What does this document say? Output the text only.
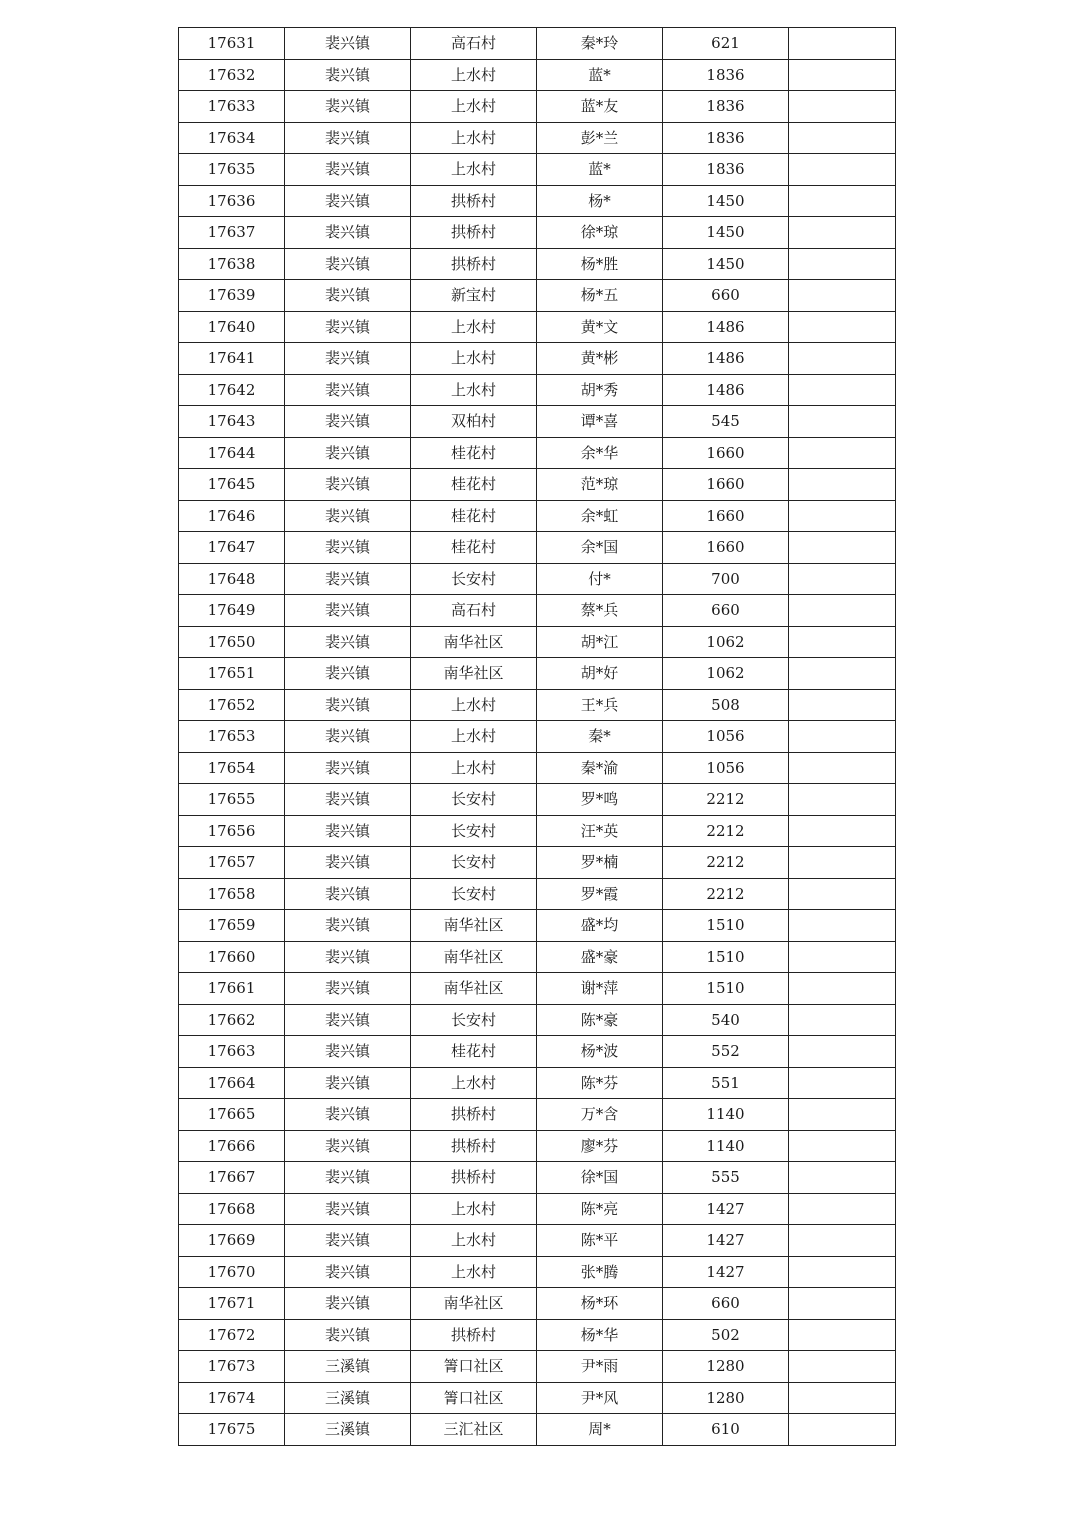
17631	裴兴镇	高石村	秦*玲	621	
17632	裴兴镇	上水村	蓝*	1836	
17633	裴兴镇	上水村	蓝*友	1836	
17634	裴兴镇	上水村	彭*兰	1836	
17635	裴兴镇	上水村	蓝*	1836	
17636	裴兴镇	拱桥村	杨*	1450	
17637	裴兴镇	拱桥村	徐*琼	1450	
17638	裴兴镇	拱桥村	杨*胜	1450	
17639	裴兴镇	新宝村	杨*五	660	
17640	裴兴镇	上水村	黄*文	1486	
17641	裴兴镇	上水村	黄*彬	1486	
17642	裴兴镇	上水村	胡*秀	1486	
17643	裴兴镇	双柏村	谭*喜	545	
17644	裴兴镇	桂花村	余*华	1660	
17645	裴兴镇	桂花村	范*琼	1660	
17646	裴兴镇	桂花村	余*虹	1660	
17647	裴兴镇	桂花村	余*国	1660	
17648	裴兴镇	长安村	付*	700	
17649	裴兴镇	高石村	蔡*兵	660	
17650	裴兴镇	南华社区	胡*江	1062	
17651	裴兴镇	南华社区	胡*好	1062	
17652	裴兴镇	上水村	王*兵	508	
17653	裴兴镇	上水村	秦*	1056	
17654	裴兴镇	上水村	秦*渝	1056	
17655	裴兴镇	长安村	罗*鸣	2212	
17656	裴兴镇	长安村	汪*英	2212	
17657	裴兴镇	长安村	罗*楠	2212	
17658	裴兴镇	长安村	罗*霞	2212	
17659	裴兴镇	南华社区	盛*均	1510	
17660	裴兴镇	南华社区	盛*豪	1510	
17661	裴兴镇	南华社区	谢*萍	1510	
17662	裴兴镇	长安村	陈*豪	540	
17663	裴兴镇	桂花村	杨*波	552	
17664	裴兴镇	上水村	陈*芬	551	
17665	裴兴镇	拱桥村	万*含	1140	
17666	裴兴镇	拱桥村	廖*芬	1140	
17667	裴兴镇	拱桥村	徐*国	555	
17668	裴兴镇	上水村	陈*亮	1427	
17669	裴兴镇	上水村	陈*平	1427	
17670	裴兴镇	上水村	张*腾	1427	
17671	裴兴镇	南华社区	杨*环	660	
17672	裴兴镇	拱桥村	杨*华	502	
17673	三溪镇	箐口社区	尹*雨	1280	
17674	三溪镇	箐口社区	尹*风	1280	
17675	三溪镇	三汇社区	周*	610	
